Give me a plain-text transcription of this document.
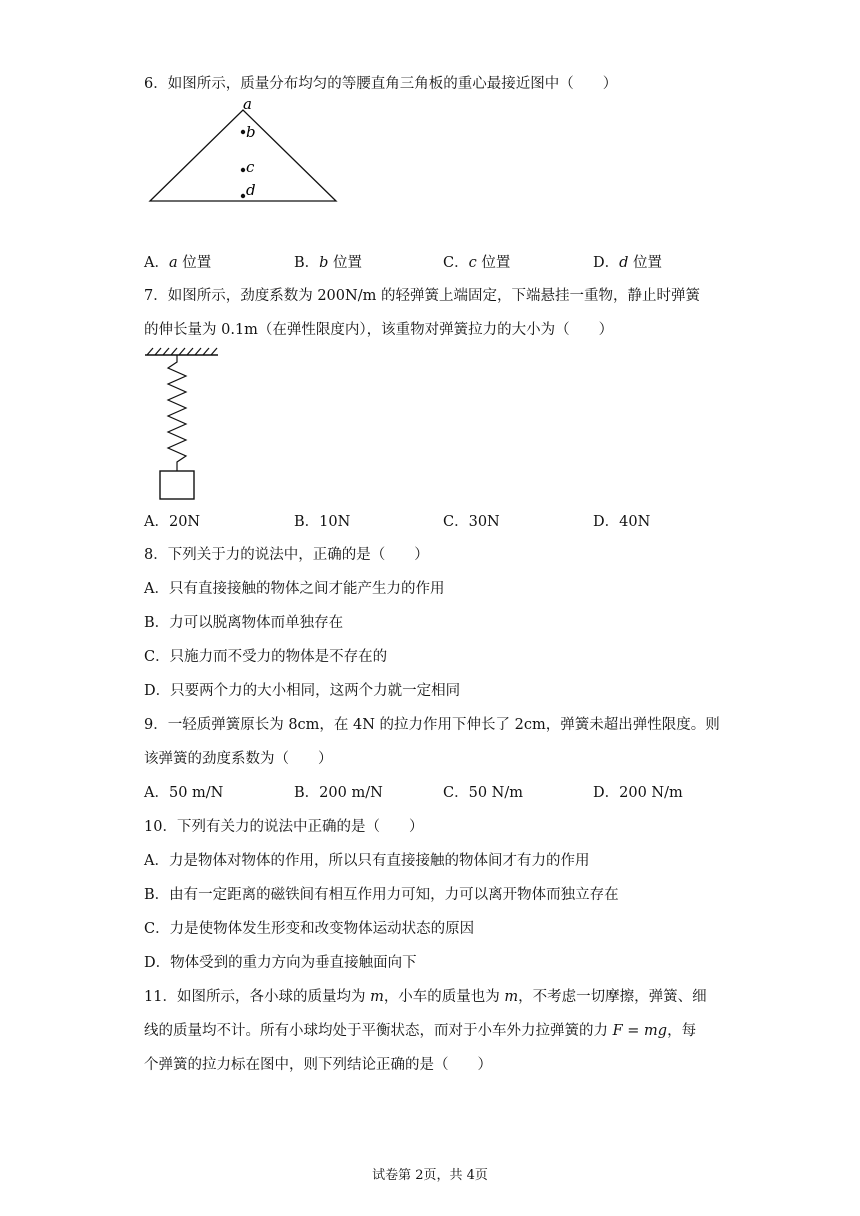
6．如图所示，质量分布均匀的等腰直角三角板的重心最接近图中（　　）
a
b
c
d
A．a 位置	B．b 位置	C．c 位置	D．d 位置
7．如图所示，劲度系数为 200N/m 的轻弹簧上端固定，下端悬挂一重物，静止时弹簧
的伸长量为 0.1m（在弹性限度内），该重物对弹簧拉力的大小为（　　）
A．20N	B．10N	C．30N	D．40N
8．下列关于力的说法中，正确的是（　　）
A．只有直接接触的物体之间才能产生力的作用
B．力可以脱离物体而单独存在
C．只施力而不受力的物体是不存在的
D．只要两个力的大小相同，这两个力就一定相同
9．一轻质弹簧原长为 8cm，在 4N 的拉力作用下伸长了 2cm，弹簧未超出弹性限度。则
该弹簧的劲度系数为（　　）
A．50 m/N	B．200 m/N	C．50 N/m	D．200 N/m
10．下列有关力的说法中正确的是（　　）
A．力是物体对物体的作用，所以只有直接接触的物体间才有力的作用
B．由有一定距离的磁铁间有相互作用力可知，力可以离开物体而独立存在
C．力是使物体发生形变和改变物体运动状态的原因
D．物体受到的重力方向为垂直接触面向下
11．如图所示，各小球的质量均为 m，小车的质量也为 m，不考虑一切摩擦，弹簧、细
线的质量均不计。所有小球均处于平衡状态，而对于小车外力拉弹簧的力 F = mg，每
个弹簧的拉力标在图中，则下列结论正确的是（　　）
试卷第 2页，共 4页
